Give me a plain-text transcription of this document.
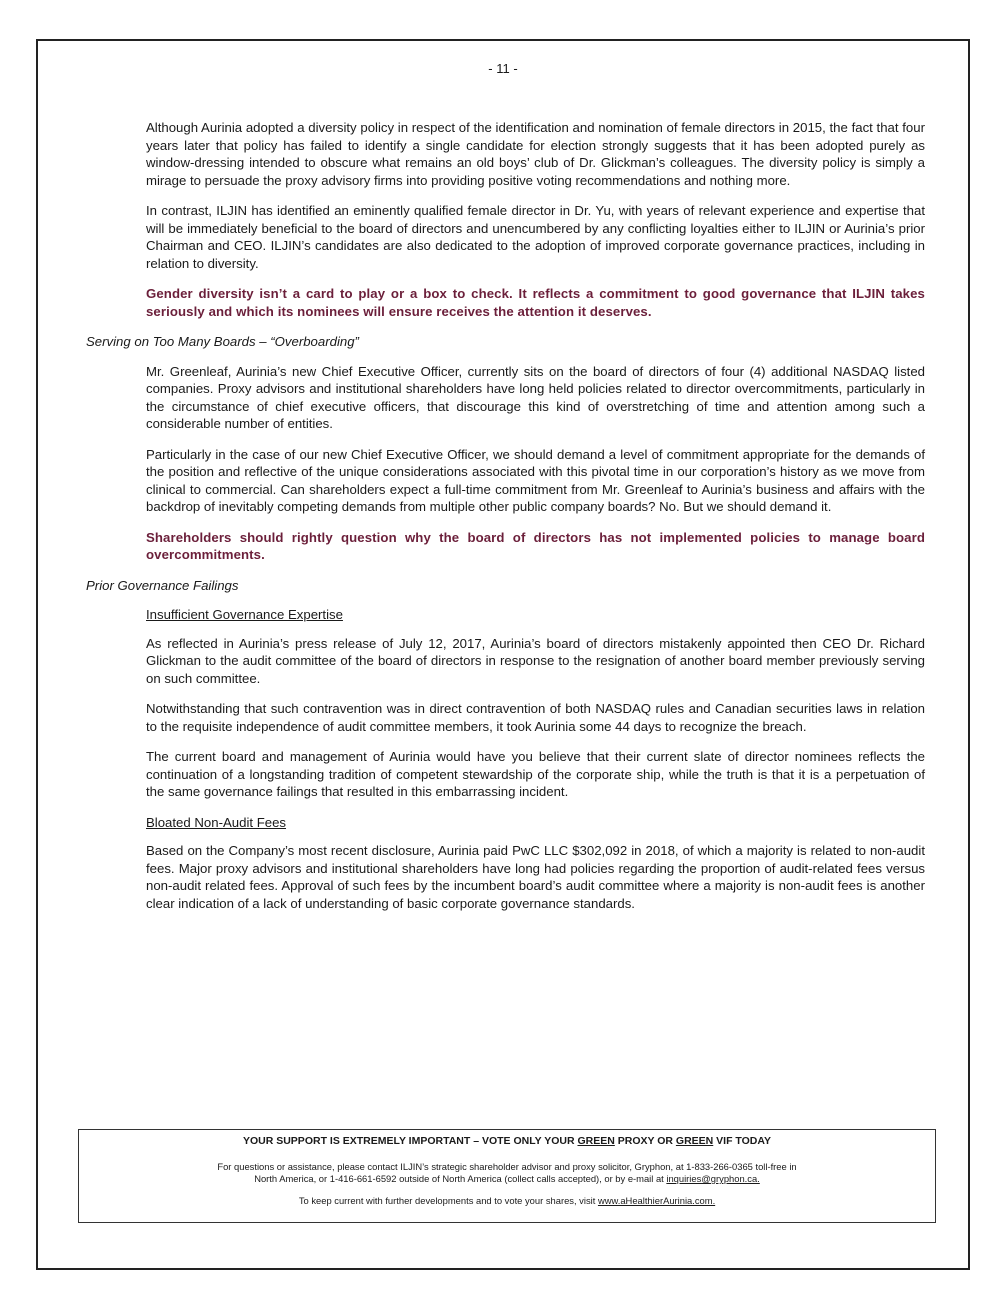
- 11 -

Although Aurinia adopted a diversity policy in respect of the identification and nomination of female directors in 2015, the fact that four years later that policy has failed to identify a single candidate for election strongly suggests that it has been adopted purely as window-dressing intended to obscure what remains an old boys’ club of Dr. Glickman’s colleagues. The diversity policy is simply a mirage to persuade the proxy advisory firms into providing positive voting recommendations and nothing more.

In contrast, ILJIN has identified an eminently qualified female director in Dr. Yu, with years of relevant experience and expertise that will be immediately beneficial to the board of directors and unencumbered by any conflicting loyalties either to ILJIN or Aurinia’s prior Chairman and CEO. ILJIN’s candidates are also dedicated to the adoption of improved corporate governance practices, including in relation to diversity.

Gender diversity isn’t a card to play or a box to check. It reflects a commitment to good governance that ILJIN takes seriously and which its nominees will ensure receives the attention it deserves.

Serving on Too Many Boards – “Overboarding”

Mr. Greenleaf, Aurinia’s new Chief Executive Officer, currently sits on the board of directors of four (4) additional NASDAQ listed companies. Proxy advisors and institutional shareholders have long held policies related to director overcommitments, particularly in the circumstance of chief executive officers, that discourage this kind of overstretching of time and attention among such a considerable number of entities.

Particularly in the case of our new Chief Executive Officer, we should demand a level of commitment appropriate for the demands of the position and reflective of the unique considerations associated with this pivotal time in our corporation’s history as we move from clinical to commercial. Can shareholders expect a full-time commitment from Mr. Greenleaf to Aurinia’s business and affairs with the backdrop of inevitably competing demands from multiple other public company boards? No. But we should demand it.

Shareholders should rightly question why the board of directors has not implemented policies to manage board overcommitments.

Prior Governance Failings
Insufficient Governance Expertise

As reflected in Aurinia’s press release of July 12, 2017, Aurinia’s board of directors mistakenly appointed then CEO Dr. Richard Glickman to the audit committee of the board of directors in response to the resignation of another board member previously serving on such committee.

Notwithstanding that such contravention was in direct contravention of both NASDAQ rules and Canadian securities laws in relation to the requisite independence of audit committee members, it took Aurinia some 44 days to recognize the breach.

The current board and management of Aurinia would have you believe that their current slate of director nominees reflects the continuation of a longstanding tradition of competent stewardship of the corporate ship, while the truth is that it is a perpetuation of the same governance failings that resulted in this embarrassing incident.

Bloated Non-Audit Fees

Based on the Company’s most recent disclosure, Aurinia paid PwC LLC $302,092 in 2018, of which a majority is related to non-audit fees. Major proxy advisors and institutional shareholders have long had policies regarding the proportion of audit-related fees versus non-audit related fees. Approval of such fees by the incumbent board’s audit committee where a majority is non-audit fees is another clear indication of a lack of understanding of basic corporate governance standards.

YOUR SUPPORT IS EXTREMELY IMPORTANT – VOTE ONLY YOUR GREEN PROXY OR GREEN VIF TODAY
For questions or assistance, please contact ILJIN’s strategic shareholder advisor and proxy solicitor, Gryphon, at 1-833-266-0365 toll-free in
North America, or 1-416-661-6592 outside of North America (collect calls accepted), or by e-mail at inquiries@gryphon.ca.
To keep current with further developments and to vote your shares, visit www.aHealthierAurinia.com.
